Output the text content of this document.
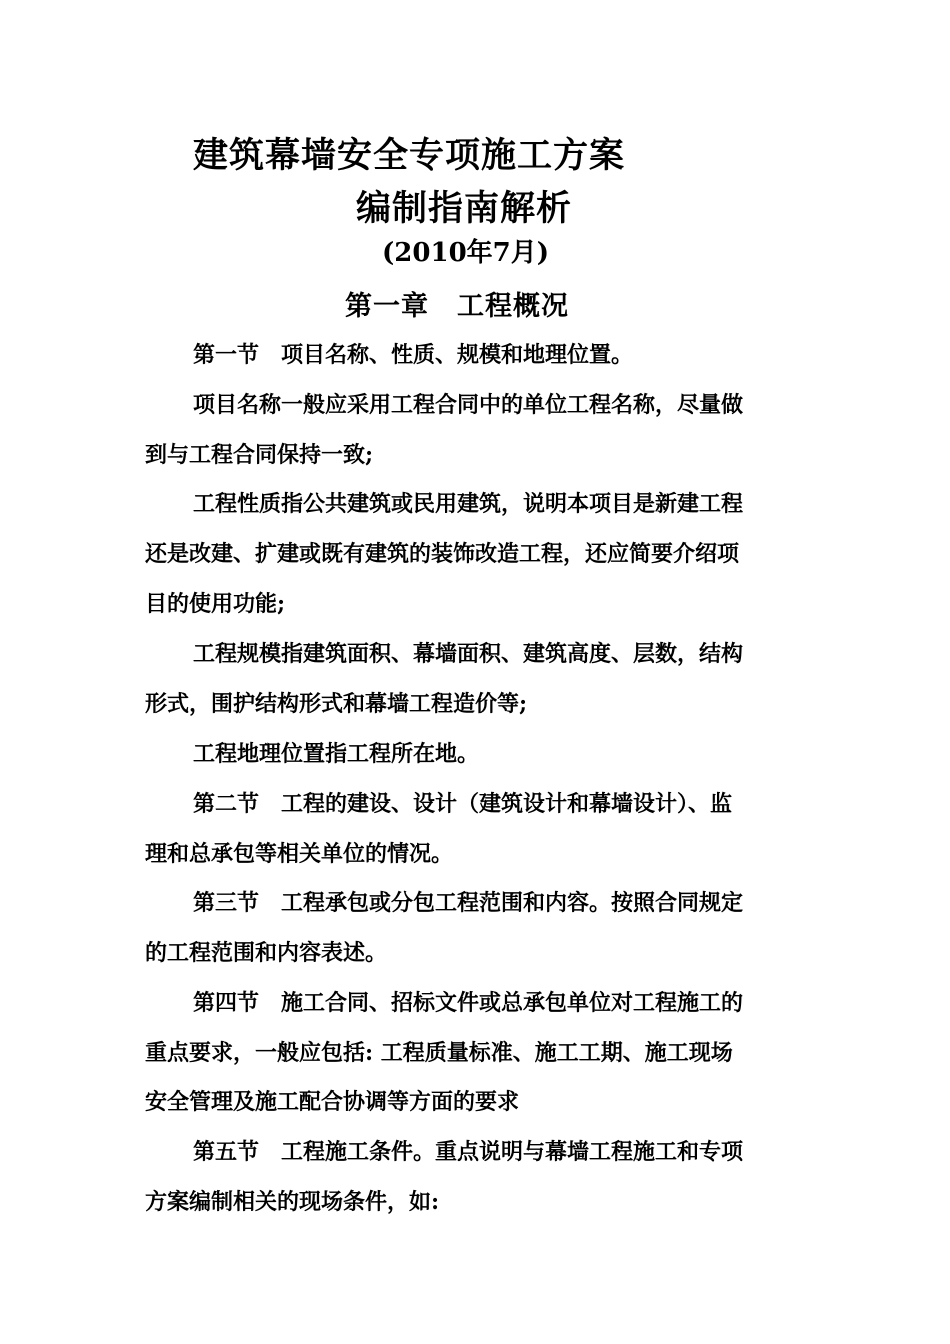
建筑幕墙安全专项施工方案
编制指南解析
(2010年7月)
第一章　工程概况
第一节　项目名称、性质、规模和地理位置。
项目名称一般应采用工程合同中的单位工程名称，尽量做
到与工程合同保持一致;
工程性质指公共建筑或民用建筑，说明本项目是新建工程
还是改建、扩建或既有建筑的装饰改造工程，还应简要介绍项
目的使用功能;
工程规模指建筑面积、幕墙面积、建筑高度、层数，结构
形式，围护结构形式和幕墙工程造价等;
工程地理位置指工程所在地。
第二节　工程的建设、设计（建筑设计和幕墙设计）、监
理和总承包等相关单位的情况。
第三节　工程承包或分包工程范围和内容。按照合同规定
的工程范围和内容表述。
第四节　施工合同、招标文件或总承包单位对工程施工的
重点要求，一般应包括: 工程质量标准、施工工期、施工现场
安全管理及施工配合协调等方面的要求
第五节　工程施工条件。重点说明与幕墙工程施工和专项
方案编制相关的现场条件，如:
